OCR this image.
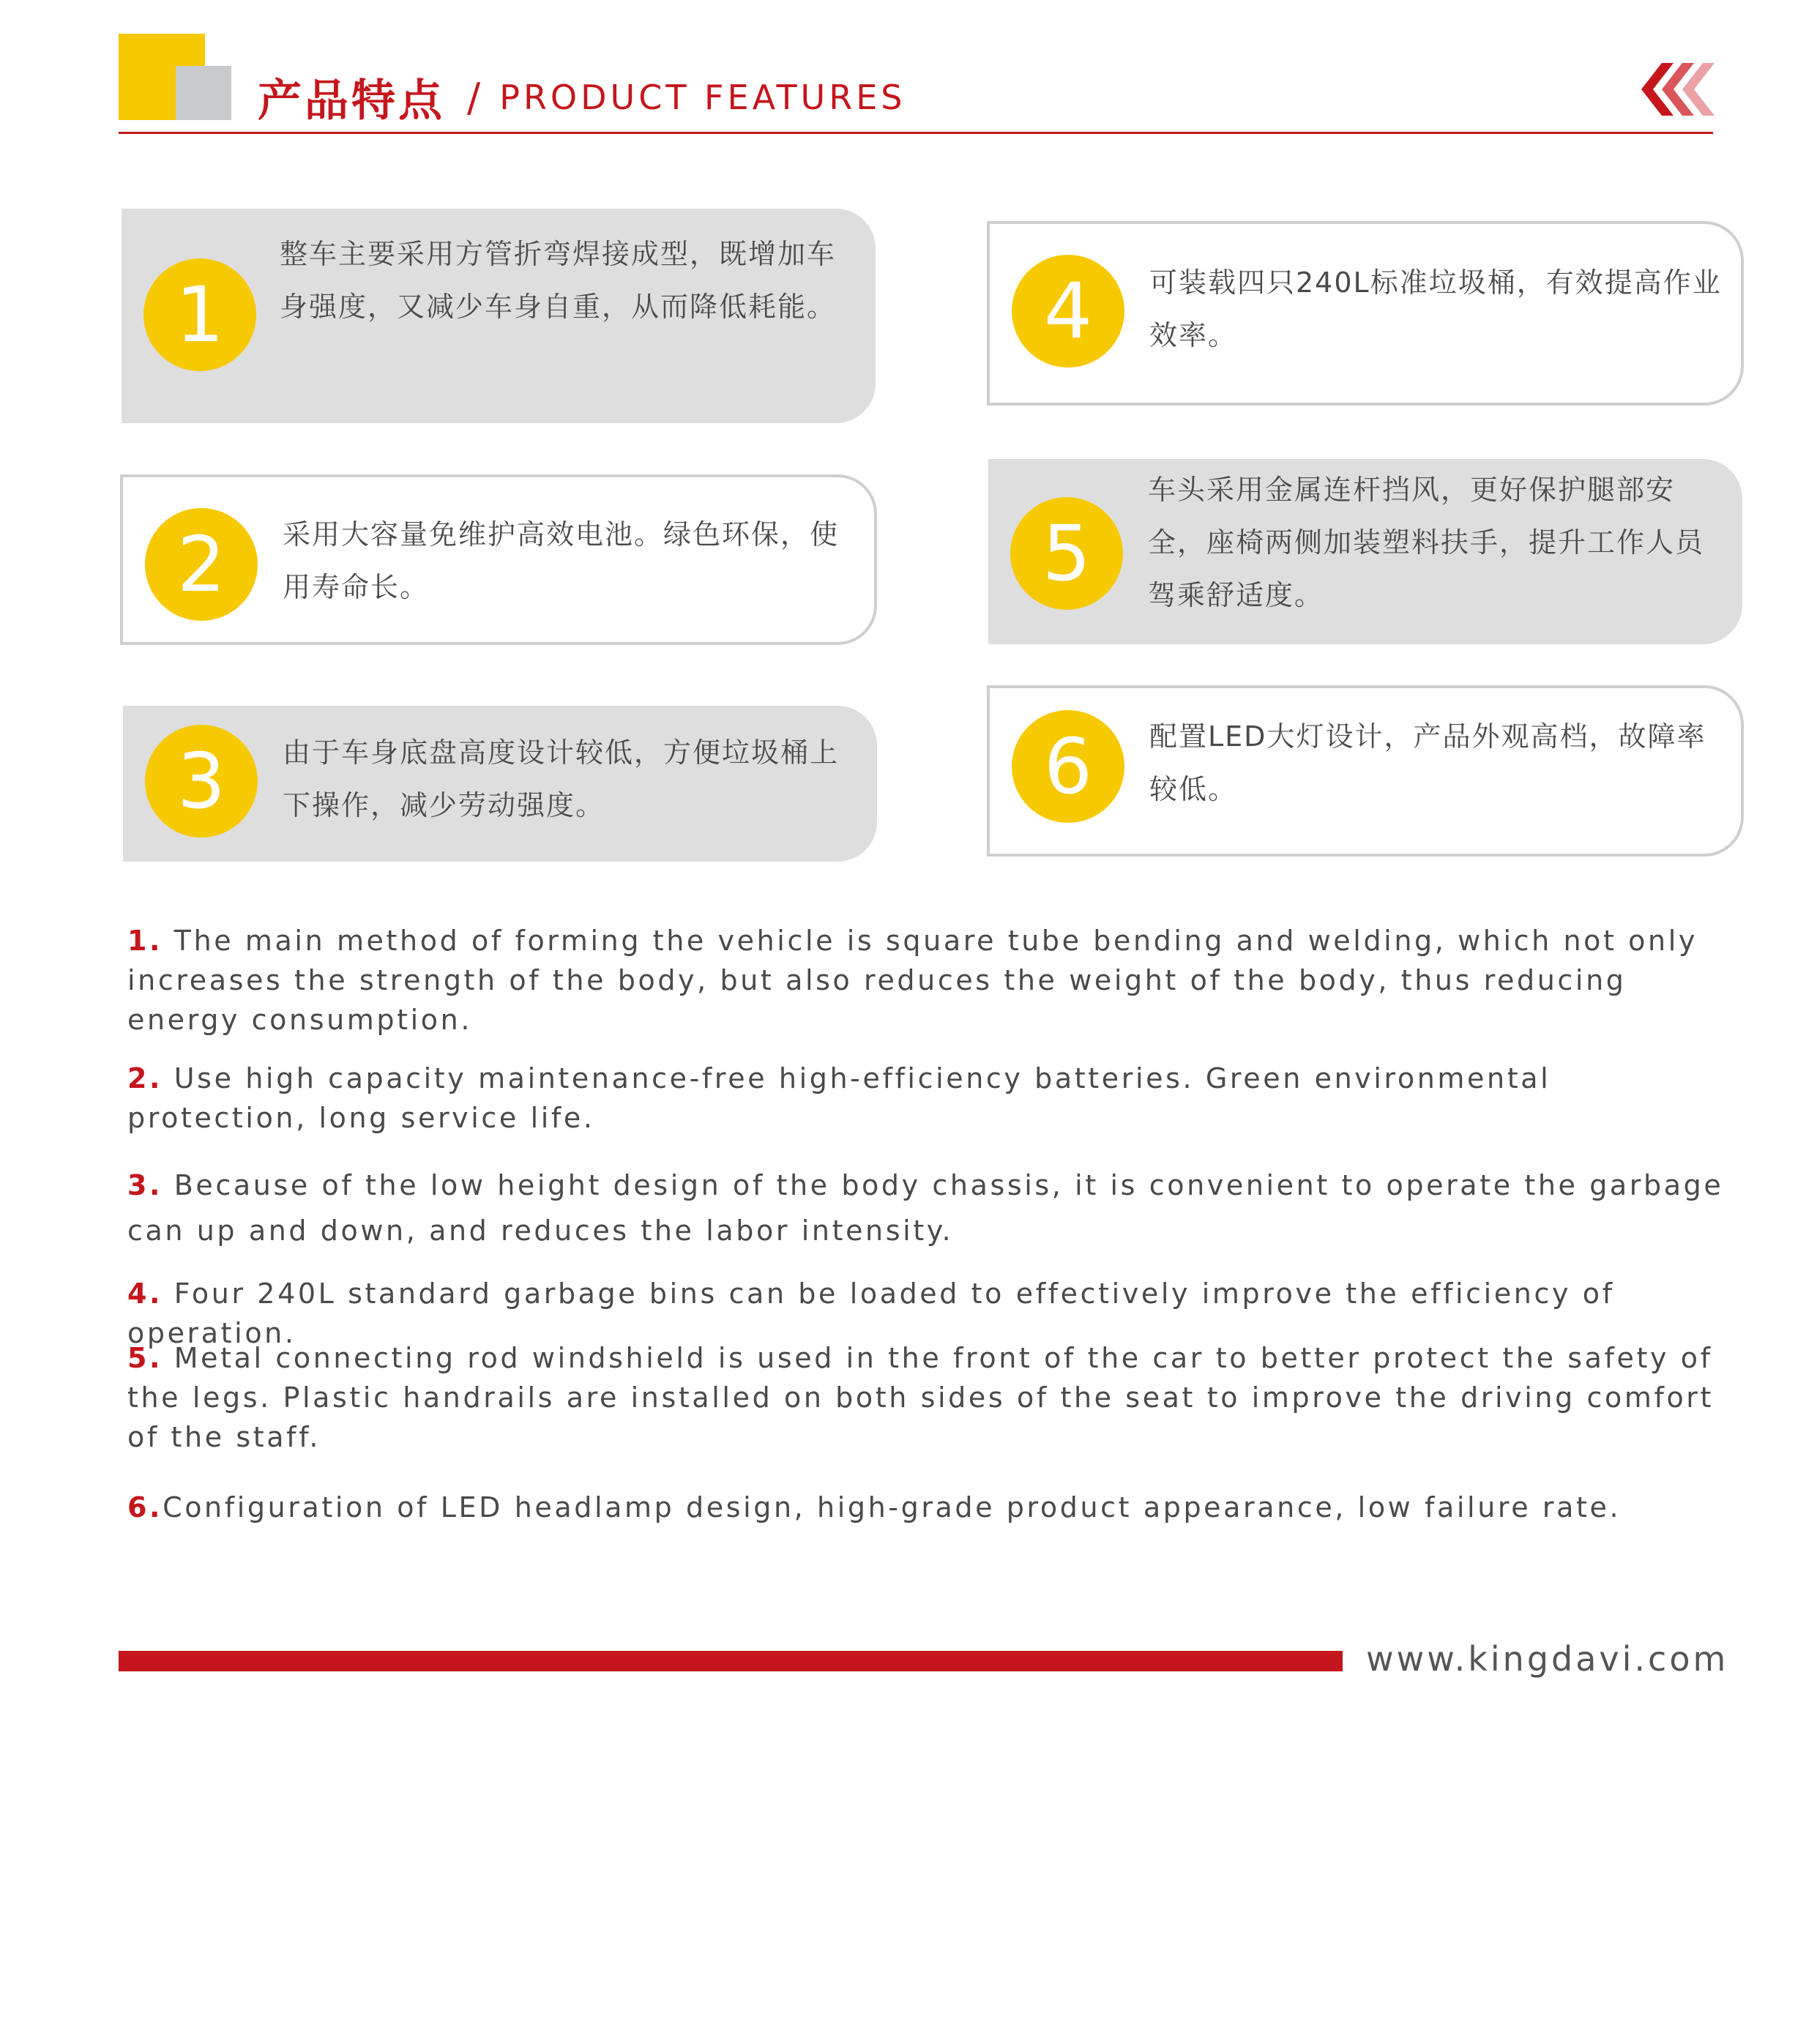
产品特点 / PRODUCT FEATURES
1
整车主要采用方管折弯焊接成型，既增加车身强度，又减少车身自重，从而降低耗能。
2	采用大容量免维护高效电池。绿色环保，使用寿命长。
3	由于车身底盘高度设计较低，方便垃圾桶上下操作，减少劳动强度。
4	可装载四只240L标准垃圾桶，有效提高作业效率。
5
车头采用金属连杆挡风，更好保护腿部安全，座椅两侧加装塑料扶手，提升工作人员驾乘舒适度。
6	配置LED大灯设计，产品外观高档，故障率较低。
1. The main method of forming the vehicle is square tube bending and welding, which not only increases the strength of the body, but also reduces the weight of the body, thus reducing energy consumption.
2. Use high capacity maintenance-free high-efficiency batteries. Green environmental protection, long service life.
3. Because of the low height design of the body chassis, it is convenient to operate the garbage can up and down, and reduces the labor intensity.
4. Four 240L standard garbage bins can be loaded to effectively improve the efficiency of operation.
5. Metal connecting rod windshield is used in the front of the car to better protect the safety of the legs. Plastic handrails are installed on both sides of the seat to improve the driving comfort of the staff.
6.Configuration of LED headlamp design, high-grade product appearance, low failure rate.
www.kingdavi.com
